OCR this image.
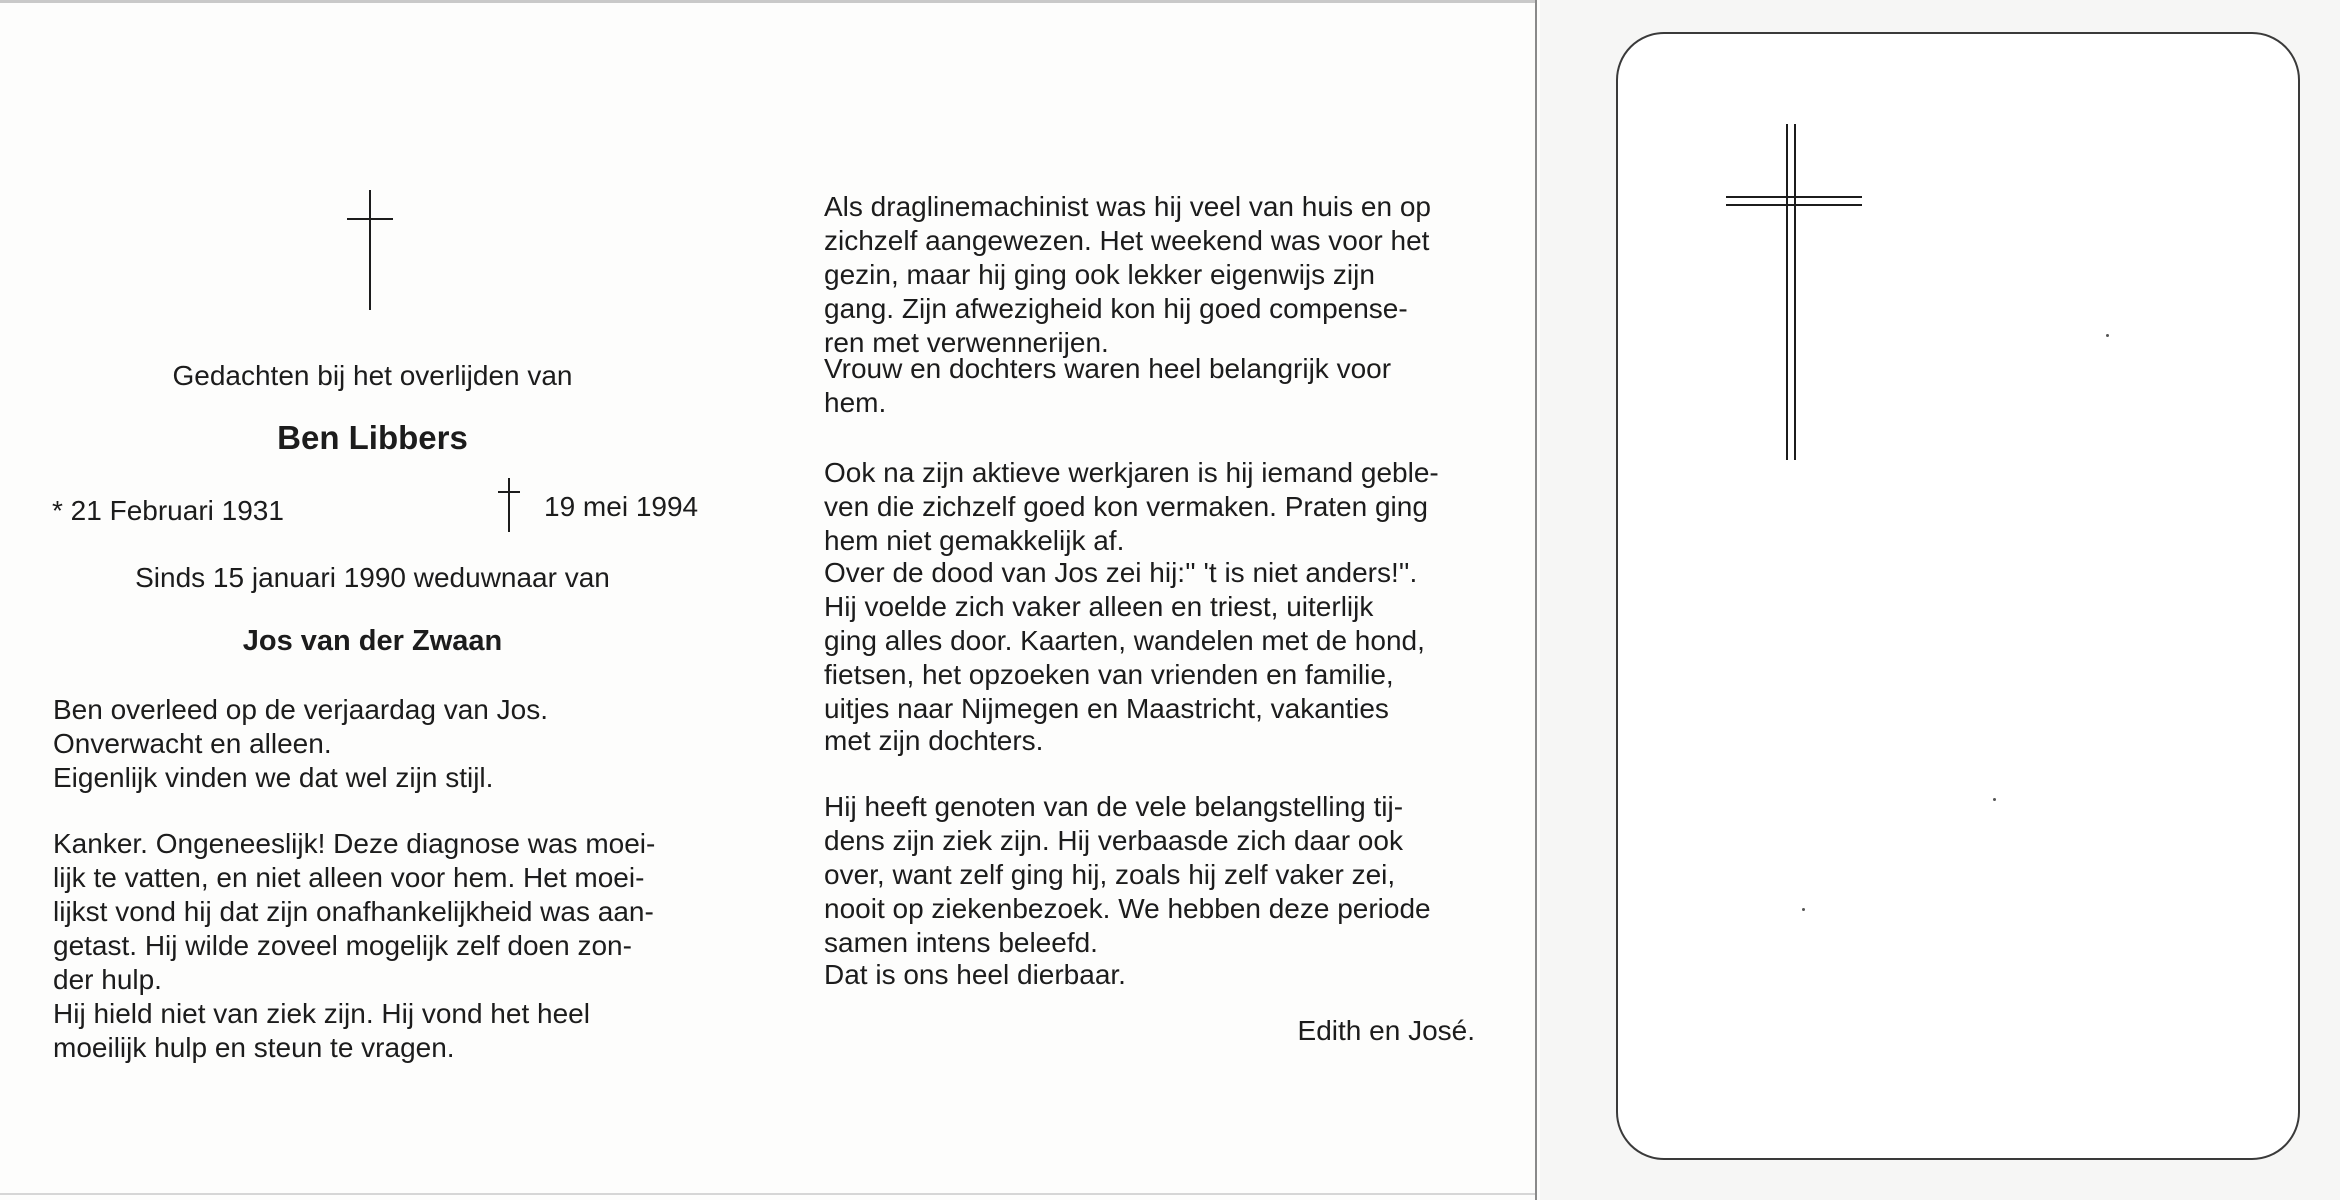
Gedachten bij het overlijden van
Ben Libbers
* 21 Februari 1931	19 mei 1994
Sinds 15 januari 1990 weduwnaar van
Jos van der Zwaan
Ben overleed op de verjaardag van Jos.
Onverwacht en alleen.
Eigenlijk vinden we dat wel zijn stijl.
Kanker. Ongeneeslijk! Deze diagnose was moei-
lijk te vatten, en niet alleen voor hem. Het moei-
lijkst vond hij dat zijn onafhankelijkheid was aan-
getast. Hij wilde zoveel mogelijk zelf doen zon-
der hulp.
Hij hield niet van ziek zijn. Hij vond het heel
moeilijk hulp en steun te vragen.
Als draglinemachinist was hij veel van huis en op
zichzelf aangewezen. Het weekend was voor het
gezin, maar hij ging ook lekker eigenwijs zijn
gang. Zijn afwezigheid kon hij goed compense-
ren met verwennerijen.
Vrouw en dochters waren heel belangrijk voor
hem.
Ook na zijn aktieve werkjaren is hij iemand geble-
ven die zichzelf goed kon vermaken. Praten ging
hem niet gemakkelijk af.
Over de dood van Jos zei hij:'' 't is niet anders!''.
Hij voelde zich vaker alleen en triest, uiterlijk
ging alles door. Kaarten, wandelen met de hond,
fietsen, het opzoeken van vrienden en familie,
uitjes naar Nijmegen en Maastricht, vakanties
met zijn dochters.
Hij heeft genoten van de vele belangstelling tij-
dens zijn ziek zijn. Hij verbaasde zich daar ook
over, want zelf ging hij, zoals hij zelf vaker zei,
nooit op ziekenbezoek. We hebben deze periode
samen intens beleefd.
Dat is ons heel dierbaar.
Edith en José.
